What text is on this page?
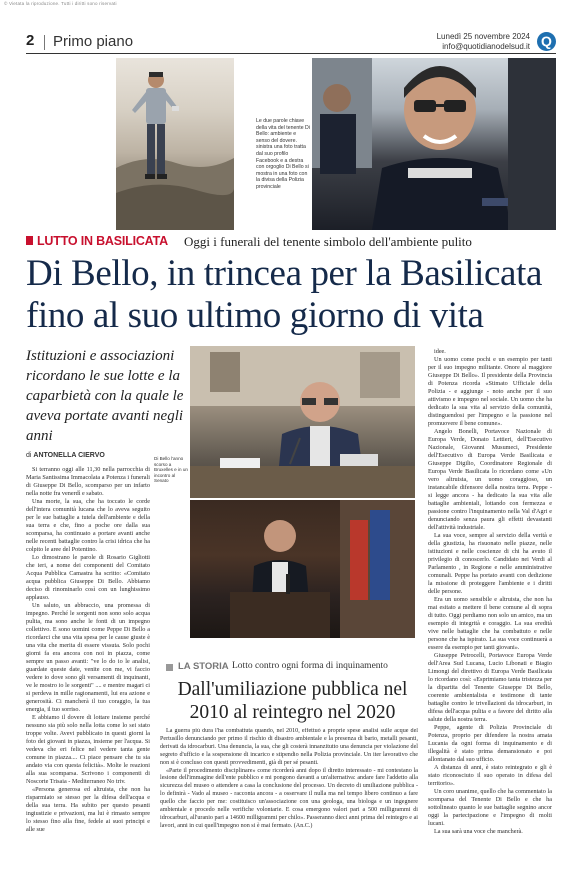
© Vietata la riproduzione. Tutti i diritti sono riservati
2 Primo piano	Lunedì 25 novembre 2024
info@quotidianodelsud.it Q
Le due parole chiave della vita del tenente Di Bello: ambiente e senso del dovere. sinistra una foto tratta dal suo profilo Facebook e a destra con orgoglio Di Bello si mostra in una foto con la divisa della Polizia provinciale
LUTTO IN BASILICATA Oggi i funerali del tenente simbolo dell'ambiente pulito
Di Bello, in trincea per la Basilicata fino al suo ultimo giorno di vita
Istituzioni e associazioni ricordano le sue lotte e la caparbietà con la quale le aveva portate avanti negli anni
di ANTONELLA CIERVO	Di Bello l'anno scorso a Bruxelles e in un incontro al Senato

Si terranno oggi alle 11,30 nella parrocchia di Maria Santissima Immacolata a Potenza i funerali di Giuseppe Di Bello, scomparso per un infarto nella notte fra venerdì e sabato.

Una morte, la sua, che ha toccato le corde dell'intera comunità lucana che lo aveva seguito per le sue battaglie a tutela dell'ambiente e della sua terra e che, fino a poche ore dalla sua scomparsa, ha continuato a portare avanti anche nelle recenti battaglie contro la crisi idrica che ha colpito le aree del Potentino.

Lo dimostrano le parole di Rosario Gigliotti che ieri, a nome dei componenti del Comitato Acqua Pubblica Camastra ha scritto: «Comitato acqua pubblica Giuseppe Di Bello. Abbiamo deciso di rinominarlo così con un lunghissimo applauso.

Un saluto, un abbraccio, una promessa di impegno. Perché le sorgenti non sono solo acqua pulita, ma sono anche le fonti di un impegno collettivo. E sono uomini come Peppe Di Bello a ricordarci che una vita spesa per le cause giuste è una vita che merita di essere vissuta. Solo pochi giorni fa era ancora con noi in piazza, come sempre un passo avanti: "ve lo do io le analisi, guardate queste date, venite con me, vi faccio vedere io dove sono gli versamenti di inquinanti, ve le mostro io le sorgenti" .... e mentre magari ci si perdeva in mille ragionamenti, lui era azione e generosità. Ci mancherà il tuo coraggio, la tua energia, il tuo sorriso.

E abbiamo il dovere di lottare insieme perché nessuno sia più solo nella lotta come lo sei stato troppe volte. Avevi pubblicato in questi giorni la foto dei giovani in piazza, insieme per l'acqua. Si vedeva che eri felice nel vedere tanta gente comune in piazza.... Ci piace pensare che tu sia andato via con questa felicità». Molte le reazioni alla sua scomparsa. Scrivono i componenti di Noscorte Trisaia - Mediterraneo No triv.

«Persona generosa ed altruista, che non ha risparmiato se stesso per la difesa dell'acqua e della sua terra. Ha subito per questo pesanti ingiustizie e privazioni, ma lui è rimasto sempre lo stesso fino alla fine, fedele ai suoi principi e alle sue

idee.

Un uomo come pochi e un esempio per tanti per il suo impegno militante. Onore al maggiore Giuseppe Di Bello». Il presidente della Provincia di Potenza ricorda «Stimato Ufficiale della Polizia - e aggiunge - noto anche per il suo attivismo e impegno nel sociale. Un uomo che ha dedicato la sua vita al servizio della comunità, distinguendosi per l'impegno e la passione nel promuovere il bene comune».

Angelo Bonelli, Portavoce Nazionale di Europa Verde, Donato Lettieri, dell'Esecutivo Nazionale, Giovanni Musumeci, Presidente dell'Esecutivo di Europa Verde Basilicata e Giuseppe Digilio, Coordinatore Regionale di Europa Verde Basilicata lo ricordano come «Un vero altruista, un uomo coraggioso, un instancabile difensore della nostra terra. Peppe - si legge ancora - ha dedicato la sua vita alle battaglie ambientali, lottando con fermezza e passione contro l'inquinamento nella Val d'Agri e denunciando senza paura gli effetti devastanti dell'attività industriale.

La sua voce, sempre al servizio della verità e della giustizia, ha risuonato nelle piazze, nelle istituzioni e nelle coscienze di chi ha avuto il privilegio di conoscerlo. Candidato nei Verdi al Parlamento , in Regione e nelle amministrative comunali. Peppe ha portato avanti con dedizione la missione di proteggere l'ambiente e i diritti delle persone.

Era un uomo sensibile e altruista, che non ha mai esitato a mettere il bene comune al di sopra di tutto. Oggi perdiamo non solo un amico, ma un esempio di integrità e coraggio. La sua eredità vive nelle battaglie che ha combattuto e nelle persone che ha ispirato. La sua voce continuerà a essere da esempio per tanti giovani».

Giuseppe Petrocelli, Portavoce Europa Verde dell'Area Sud Lucana, Lucio Libonati e Biagio Limongi del direttivo di Europa Verde Basilicata lo ricordano così: «Esprimiamo tanta tristezza per la dipartita del Tenente Giuseppe Di Bello, coerente ambientalista e testimone di tante battaglie contro le trivellazioni da idrocarburi, in difesa dell'acqua pulita e a favore del diritto alla salute della nostra terra.

Peppe, agente di Polizia Provinciale di Potenza, proprio per difendere la nostra amata Lucania da ogni forma di inquinamento e di illegalità è stato prima demansionato e poi allontanato dal suo ufficio.

A distanza di anni, è stato reintegrato e gli è stato riconosciuto il suo operato in difesa del territorio».

Un coro unanime, quello che ha commentato la scomparsa del Tenente Di Bello e che ha sottolineato quanto le sue battaglie segnino ancor oggi la partecipazione e l'impegno di molti lucani.

La sua sarà una voce che mancherà.

LA STORIA Lotto contro ogni forma di inquinamento
Dall'umiliazione pubblica nel 2010 al reintegro nel 2020

La guerra più dura l'ha combattuta quando, nel 2010, effettuò a proprie spese analisi sulle acque del Pertusillo denunciando per primo il rischio di disastro ambientale e la presenza di bario, metalli pesanti, derivati da idrocarburi. Una denuncia, la sua, che gli costerà innanzitutto una denuncia per violazione del segreto d'ufficio e la sospensione di incarico e stipendio nella Polizia provinciale. Un iter lavorativo che non si è concluso con questi provvedimenti, già di per sé pesanti.

«Parte il procedimento disciplinare» come ricorderà anni dopo il diretto interessato - mi contestano la lesione dell'immagine dell'ente pubblico e mi pongono davanti a un'alternativa: andare fare l'addetto alla sicurezza del museo o attendere a casa la conclusione del processo. Un decreto di umiliazione pubblica - lo definirà - Vado al museo - racconta ancora - a osservare il nulla ma nel tempo libero continuo a fare quello che faccio per me: costituisco un'associazione con una geologa, una biologa e un ingegnere ambientale e procedo nelle verifiche volontarie. E cosa emergono valori pari a 500 milligrammi di idrocarburi, all'uranio pari a 14600 milligrammi per chilo». Passeranno dieci anni prima del reintegro e ai lavori, anni in cui quell'impegno non si è mai fermato. (An.C.)
